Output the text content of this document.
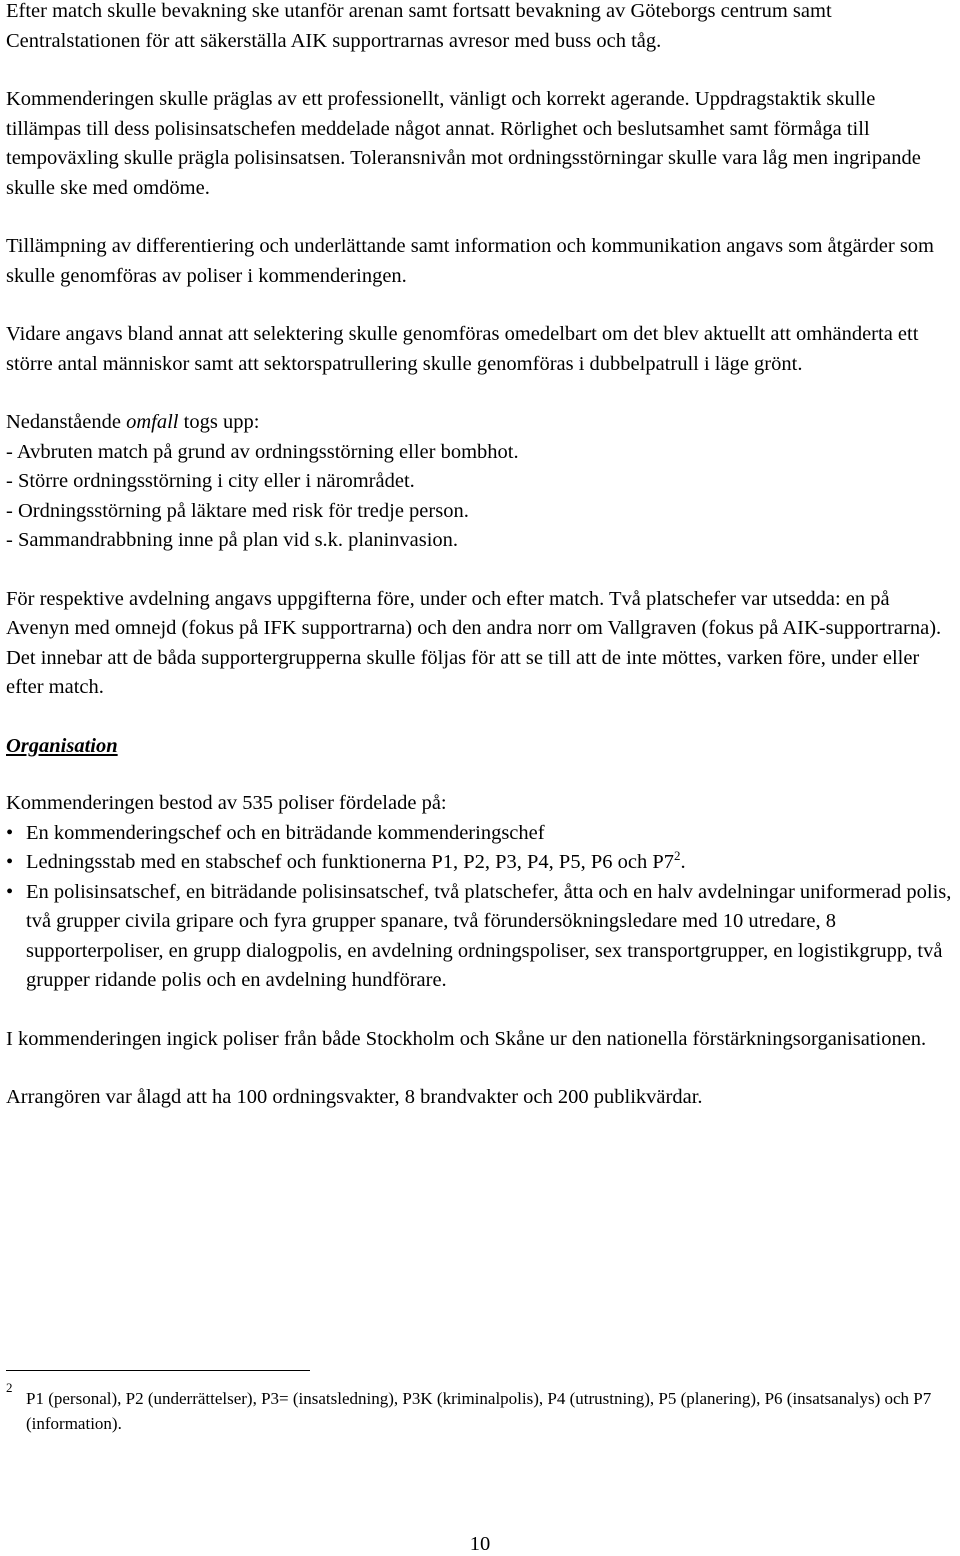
Efter match skulle bevakning ske utanför arenan samt fortsatt bevakning av Göteborgs centrum samt Centralstationen för att säkerställa AIK supportrarnas avresor med buss och tåg.

Kommenderingen skulle präglas av ett professionellt, vänligt och korrekt agerande. Uppdragstaktik skulle tillämpas till dess polisinsatschefen meddelade något annat. Rörlighet och beslutsamhet samt förmåga till tempoväxling skulle prägla polisinsatsen. Toleransnivån mot ordningsstörningar skulle vara låg men ingripande skulle ske med omdöme.

Tillämpning av differentiering och underlättande samt information och kommunikation angavs som åtgärder som skulle genomföras av poliser i kommenderingen.

Vidare angavs bland annat att selektering skulle genomföras omedelbart om det blev aktuellt att omhänderta ett större antal människor samt att sektorspatrullering skulle genomföras i dubbelpatrull i läge grönt.

Nedanstående omfall togs upp:
- Avbruten match på grund av ordningsstörning eller bombhot.
- Större ordningsstörning i city eller i närområdet.
- Ordningsstörning på läktare med risk för tredje person.
- Sammandrabbning inne på plan vid s.k. planinvasion.

För respektive avdelning angavs uppgifterna före, under och efter match. Två platschefer var utsedda: en på Avenyn med omnejd (fokus på IFK supportrarna) och den andra norr om Vallgraven (fokus på AIK-supportrarna). Det innebar att de båda supportergrupperna skulle följas för att se till att de inte möttes, varken före, under eller efter match.

Organisation
Kommenderingen bestod av 535 poliser fördelade på:
• En kommenderingschef och en biträdande kommenderingschef
• Ledningsstab med en stabschef och funktionerna P1, P2, P3, P4, P5, P6 och $P7^2$.
• En polisinsatschef, en biträdande polisinsatschef, två platschefer, åtta och en halv avdelningar uniformerad polis, två grupper civila gripare och fyra grupper spanare, två förundersökningsledare med 10 utredare, 8 supporterpoliser, en grupp dialogpolis, en avdelning ordningspoliser, sex transportgrupper, en logistikgrupp, två grupper ridande polis och en avdelning hundförare.

I kommenderingen ingick poliser från både Stockholm och Skåne ur den nationella förstärkningsorganisationen.

Arrangören var ålagd att ha 100 ordningsvakter, 8 brandvakter och 200 publikvärdar.

2
P1 (personal), P2 (underrättelser), P3= (insatsledning), P3K (kriminalpolis), P4 (utrustning), P5 (planering), P6 (insatsanalys) och P7 (information).
10
